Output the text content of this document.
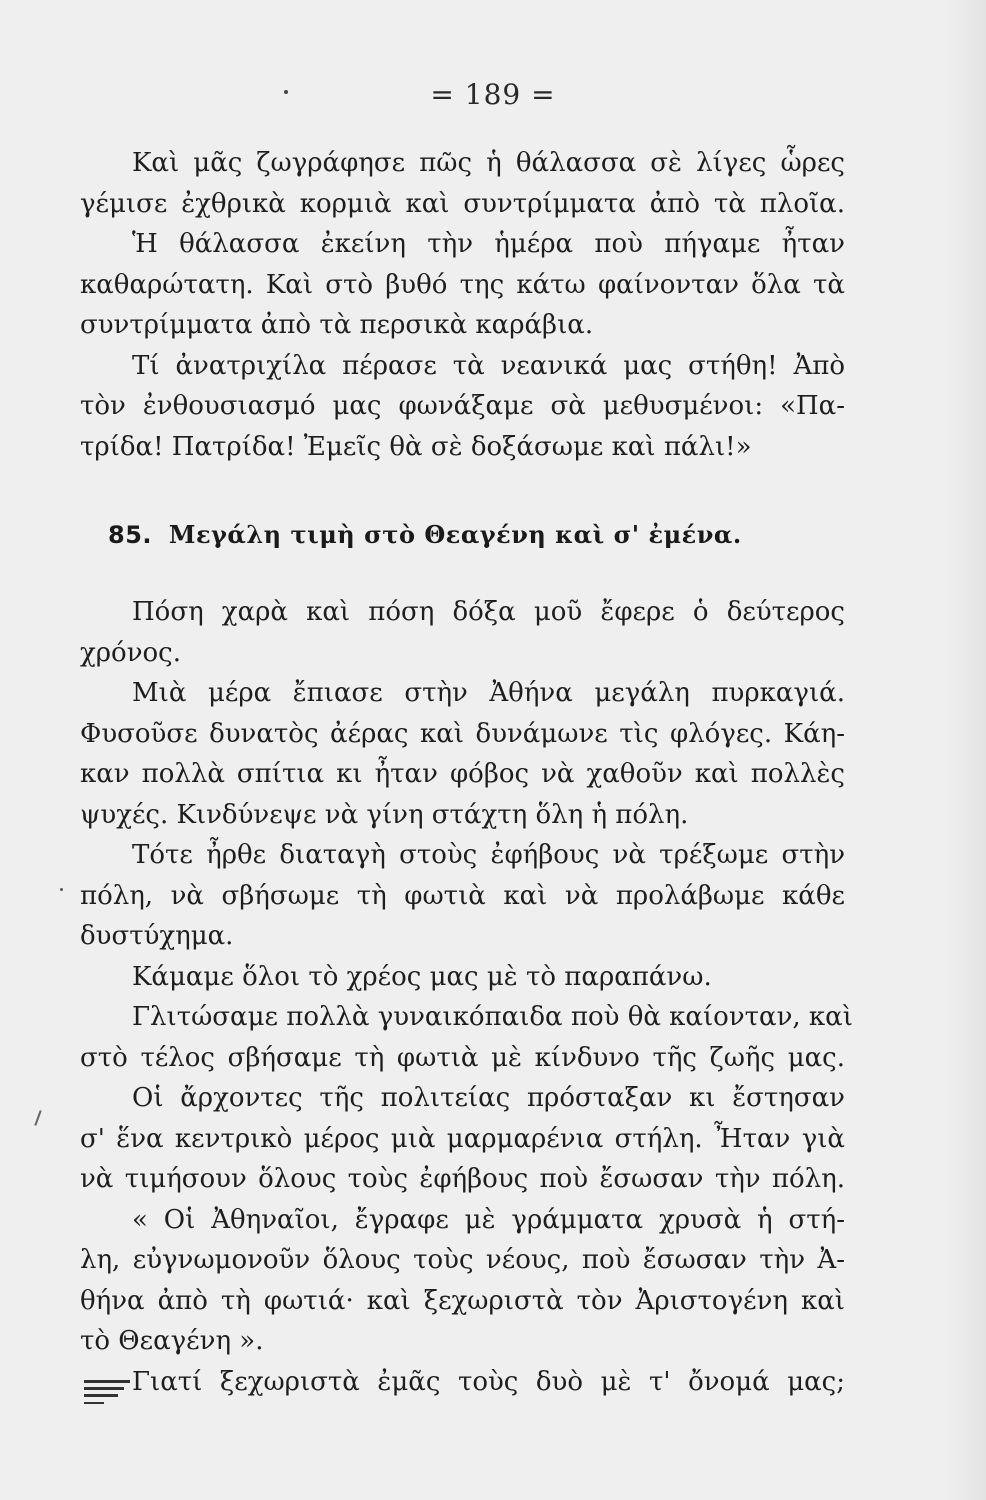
= 189 =
Καὶ μᾶς ζωγράφησε πῶς ἡ θάλασσα σὲ λίγες ὧρες
γέμισε ἐχθρικὰ κορμιὰ καὶ συντρίμματα ἀπὸ τὰ πλοῖα.
Ἡ θάλασσα ἐκείνη τὴν ἡμέρα ποὺ πήγαμε ἦταν
καθαρώτατη. Καὶ στὸ βυθό της κάτω φαίνονταν ὅλα τὰ
συντρίμματα ἀπὸ τὰ περσικὰ καράβια.
Τί ἀνατριχίλα πέρασε τὰ νεανικά μας στήθη! Ἀπὸ
τὸν ἐνθουσιασμό μας φωνάξαμε σὰ μεθυσμένοι: «Πα-
τρίδα! Πατρίδα! Ἐμεῖς θὰ σὲ δοξάσωμε καὶ πάλι!»
85. Μεγάλη τιμὴ στὸ Θεαγένη καὶ σ' ἐμένα.
Πόση χαρὰ καὶ πόση δόξα μοῦ ἔφερε ὁ δεύτερος
χρόνος.
Μιὰ μέρα ἔπιασε στὴν Ἀθήνα μεγάλη πυρκαγιά.
Φυσοῦσε δυνατὸς ἀέρας καὶ δυνάμωνε τὶς φλόγες. Κάη-
καν πολλὰ σπίτια κι ἦταν φόβος νὰ χαθοῦν καὶ πολλὲς
ψυχές. Κινδύνεψε νὰ γίνη στάχτη ὅλη ἡ πόλη.
Τότε ἦρθε διαταγὴ στοὺς ἐφήβους νὰ τρέξωμε στὴν
πόλη, νὰ σβήσωμε τὴ φωτιὰ καὶ νὰ προλάβωμε κάθε
δυστύχημα.
Κάμαμε ὅλοι τὸ χρέος μας μὲ τὸ παραπάνω.
Γλιτώσαμε πολλὰ γυναικόπαιδα ποὺ θὰ καίονταν, καὶ
στὸ τέλος σβήσαμε τὴ φωτιὰ μὲ κίνδυνο τῆς ζωῆς μας.
Οἱ ἄρχοντες τῆς πολιτείας πρόσταξαν κι ἔστησαν
σ' ἕνα κεντρικὸ μέρος μιὰ μαρμαρένια στήλη. Ἦταν γιὰ
νὰ τιμήσουν ὅλους τοὺς ἐφήβους ποὺ ἔσωσαν τὴν πόλη.
« Οἱ Ἀθηναῖοι, ἔγραφε μὲ γράμματα χρυσὰ ἡ στή-
λη, εὐγνωμονοῦν ὅλους τοὺς νέους, ποὺ ἔσωσαν τὴν Ἀ-
θήνα ἀπὸ τὴ φωτιά· καὶ ξεχωριστὰ τὸν Ἀριστογένη καὶ
τὸ Θεαγένη ».
Γιατί ξεχωριστὰ ἐμᾶς τοὺς δυὸ μὲ τ' ὄνομά μας;
